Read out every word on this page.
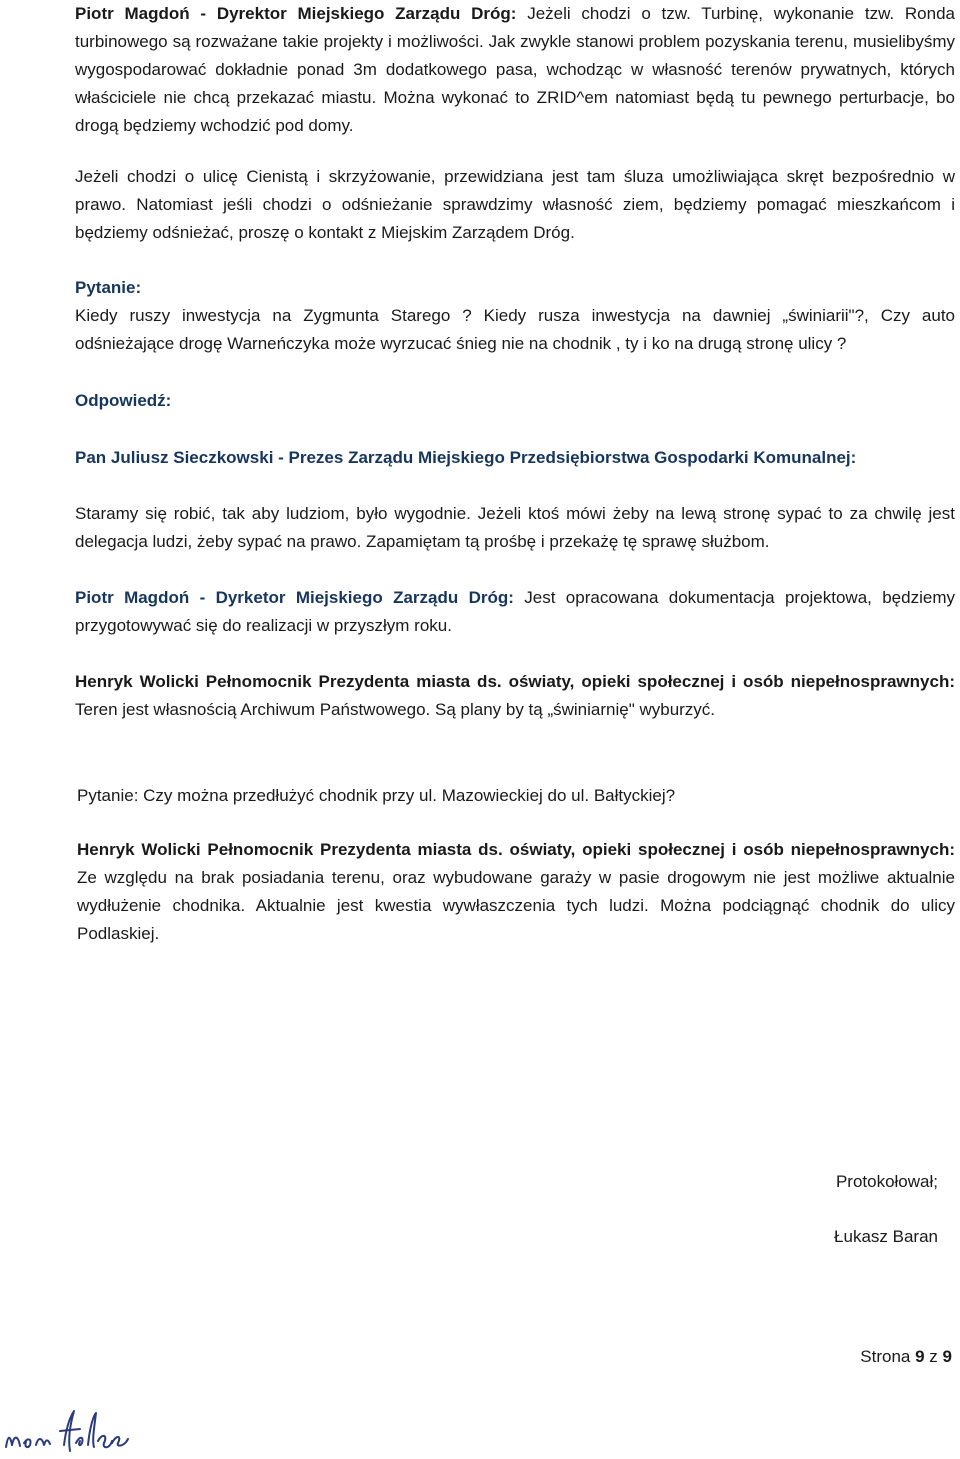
Piotr Magdoń - Dyrektor Miejskiego Zarządu Dróg: Jeżeli chodzi o tzw. Turbinę, wykonanie tzw. Ronda turbinowego są rozważane takie projekty i możliwości. Jak zwykle stanowi problem pozyskania terenu, musielibyśmy wygospodarować dokładnie ponad 3m dodatkowego pasa, wchodząc w własność terenów prywatnych, których właściciele nie chcą przekazać miastu. Można wykonać to ZRID^em natomiast będą tu pewnego perturbacje, bo drogą będziemy wchodzić pod domy.

Jeżeli chodzi o ulicę Cienistą i skrzyżowanie, przewidziana jest tam śluza umożliwiająca skręt bezpośrednio w prawo. Natomiast jeśli chodzi o odśnieżanie sprawdzimy własność ziem, będziemy pomagać mieszkańcom i będziemy odśnieżać, proszę o kontakt z Miejskim Zarządem Dróg.

Pytanie:

Kiedy ruszy inwestycja na Zygmunta Starego ? Kiedy rusza inwestycja na dawniej „świniarii"?, Czy auto odśnieżające drogę Warneńczyka może wyrzucać śnieg nie na chodnik , ty i ko na drugą stronę ulicy ?

Odpowiedź:

Pan Juliusz Sieczkowski - Prezes Zarządu Miejskiego Przedsiębiorstwa Gospodarki Komunalnej:

Staramy się robić, tak aby ludziom, było wygodnie. Jeżeli ktoś mówi żeby na lewą stronę sypać to za chwilę jest delegacja ludzi, żeby sypać na prawo. Zapamiętam tą prośbę i przekażę tę sprawę służbom.

Piotr Magdoń - Dyrketor Miejskiego Zarządu Dróg: Jest opracowana dokumentacja projektowa, będziemy przygotowywać się do realizacji w przyszłym roku.

Henryk Wolicki Pełnomocnik Prezydenta miasta ds. oświaty, opieki społecznej i osób niepełnosprawnych: Teren jest własnością Archiwum Państwowego. Są plany by tą „świniarnię" wyburzyć.

Pytanie: Czy można przedłużyć chodnik przy ul. Mazowieckiej do ul. Bałtyckiej?

Henryk Wolicki Pełnomocnik Prezydenta miasta ds. oświaty, opieki społecznej i osób niepełnosprawnych: Ze względu na brak posiadania terenu, oraz wybudowane garaży w pasie drogowym nie jest możliwe aktualnie wydłużenie chodnika. Aktualnie jest kwestia wywłaszczenia tych ludzi. Można podciągnąć chodnik do ulicy Podlaskiej.

Protokołował;

Łukasz Baran

Strona 9 z 9
